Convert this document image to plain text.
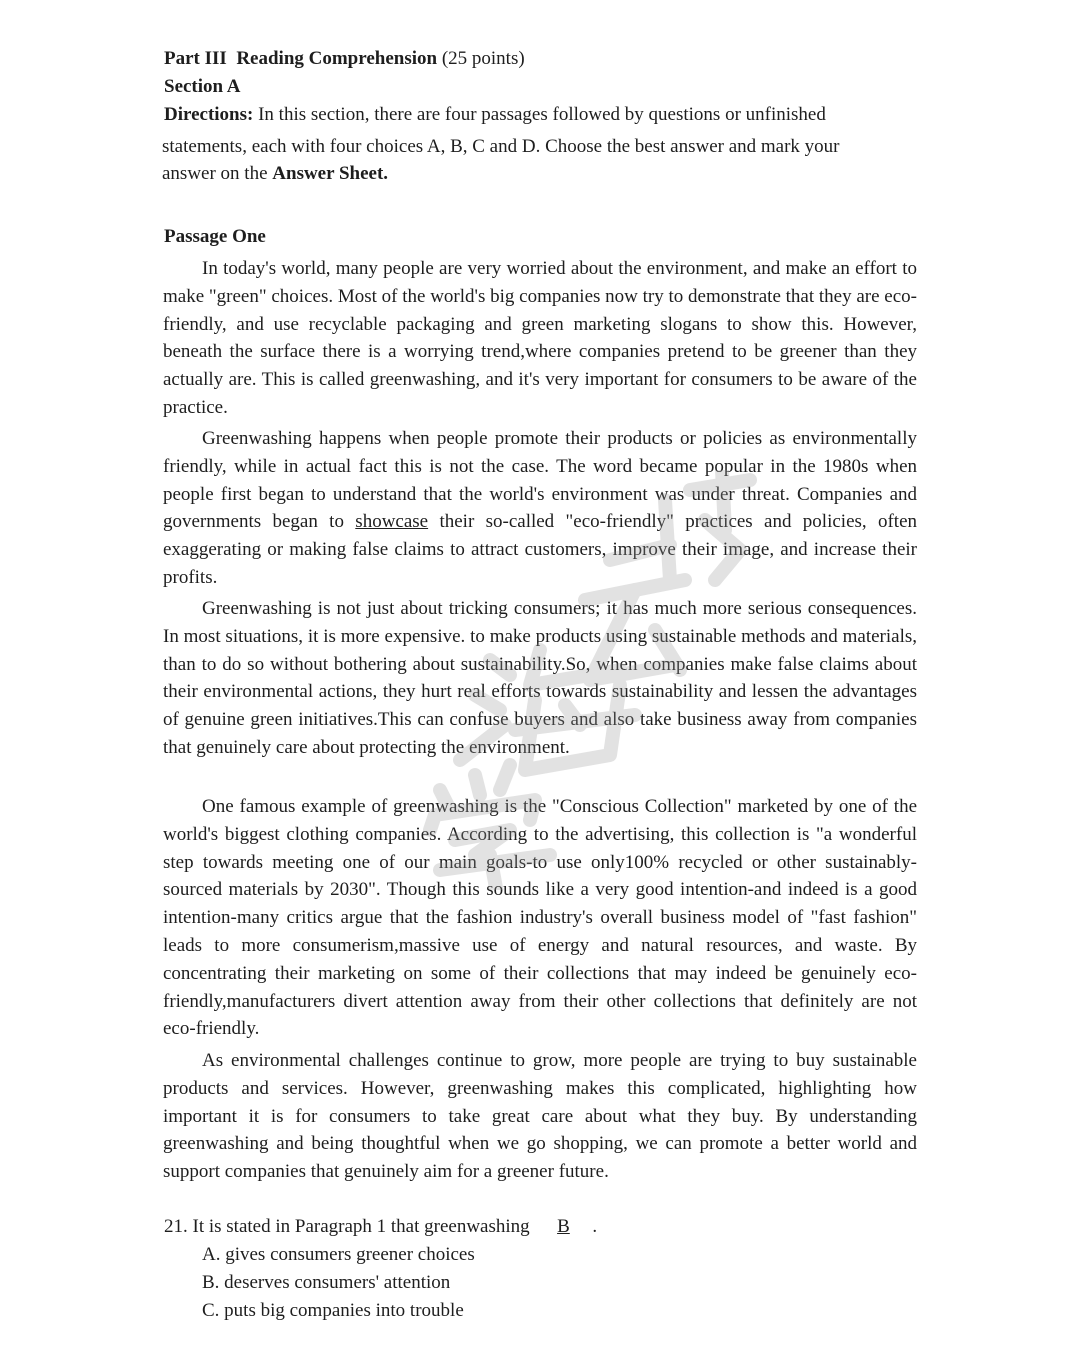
Part III Reading Comprehension (25 points)
Section A
Directions: In this section, there are four passages followed by questions or unfinished
statements, each with four choices A, B, C and D. Choose the best answer and mark your
answer on the Answer Sheet.
Passage One

In today's world, many people are very worried about the environment, and make an effort to make "green" choices. Most of the world's big companies now try to demonstrate that they are eco-friendly, and use recyclable packaging and green marketing slogans to show this. However, beneath the surface there is a worrying trend,where companies pretend to be greener than they actually are. This is called greenwashing, and it's very important for consumers to be aware of the practice.

Greenwashing happens when people promote their products or policies as environmentally friendly, while in actual fact this is not the case. The word became popular in the 1980s when people first began to understand that the world's environment was under threat. Companies and governments began to showcase their so-called "eco-friendly" practices and policies, often exaggerating or making false claims to attract customers, improve their image, and increase their profits.

Greenwashing is not just about tricking consumers; it has much more serious consequences. In most situations, it is more expensive. to make products using sustainable methods and materials, than to do so without bothering about sustainability.So, when companies make false claims about their environmental actions, they hurt real efforts towards sustainability and lessen the advantages of genuine green initiatives.This can confuse buyers and also take business away from companies that genuinely care about protecting the environment.

One famous example of greenwashing is the "Conscious Collection" marketed by one of the world's biggest clothing companies. According to the advertising, this collection is "a wonderful step towards meeting one of our main goals-to use only100% recycled or other sustainably-sourced materials by 2030". Though this sounds like a very good intention-and indeed is a good intention-many critics argue that the fashion industry's overall business model of "fast fashion" leads to more consumerism,massive use of energy and natural resources, and waste. By concentrating their marketing on some of their collections that may indeed be genuinely eco-friendly,manufacturers divert attention away from their other collections that definitely are not eco-friendly.

As environmental challenges continue to grow, more people are trying to buy sustainable products and services. However, greenwashing makes this complicated, highlighting how important it is for consumers to take great care about what they buy. By understanding greenwashing and being thoughtful when we go shopping, we can promote a better world and support companies that genuinely aim for a greener future.

21. It is stated in Paragraph 1 that greenwashing B .
A. gives consumers greener choices
B. deserves consumers' attention
C. puts big companies into trouble
